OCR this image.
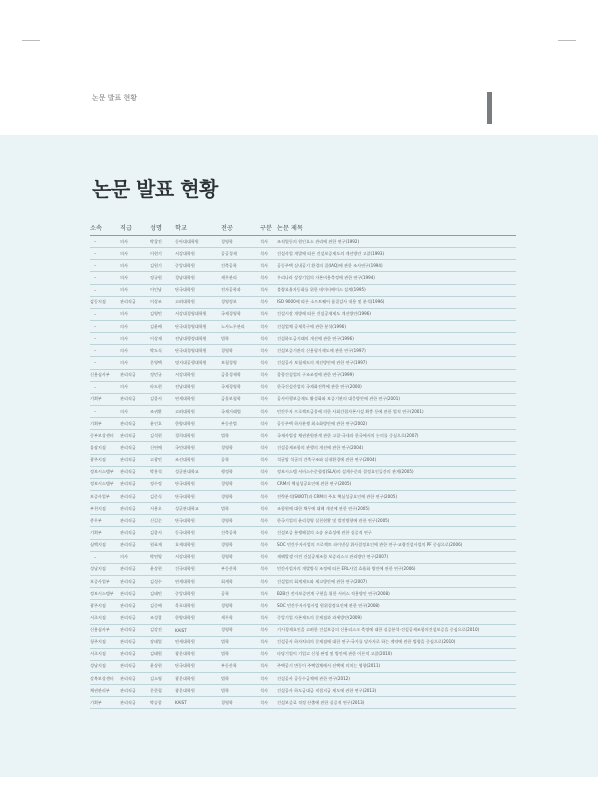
논문 발표 현황
논문 발표 현황
소속	직급	성명	학교	전공	구분	논문 제목
–	의사	박창진	동아대대학원	경영학	석사	조직열등의 원인요소 관리에 관한 연구(1992)
–	의사	이현기	서강대학원	공공경제	석사	건설사업 개발에 따른 건설보증제도의 개선방안 고찰(1993)
–	의사	김원기	중앙대학원	건축공학	석사	공동주택 실내공기 환경의 질(IAQ)에 관한 조사연구(1994)
–	의사	정규원	경남대학원	재무관리	석사	우리나라 상장기업의 자본비용측정에 관한 연구(1994)
–	의사	이인남	단국대학원	전자공학과	석사	불량요율자동화를 위한 데이터베이스 설계(1995)
감동지점	관리직급	이상조	고려대학원	경영정보	석사	ISO 9000에 따른 소프트웨어 품질감사 내용 및 분석(1996)
–	의사	김영민	서강대경영대학원	국제경영학	석사	건설시장 개방에 따른 건설공제제도 개선방안(1996)
–	의사	김윤배	단국대경영대학원	노사노무관리	석사	건설업체 공제목구에 관한 분석(1996)
–	의사	이상재	전남대행정대학원	법학	석사	건설하도급거래의 개선에 관한 연구(1996)
–	의사	박도식	단국대경영대학원	경영학	석사	건설보증기관의 신용평가제도에 관한 연구(1997)
–	의사	문영택	명지대공행대학원	보험경영	석사	건설공사 보험제도의 개선방안에 관한 연구(1997)
신용심사부	관리직급	정민규	서강대학원	금융경제학	석사	종합건설업의 구조조정에 관한 연구(1999)
–	의사	라도현	전남대학원	국제경영학	석사	한국건설산업의 국제화전략에 관한 연구(2000)
기획부	관리직급	김종서	연세대학원	금융보험학	석사	공사이행보증제도 활성화와 보증기관의 대응방안에 관한 연구(2001)
–	의사	조귀환	고려대학원	국제거래법	석사	민간투자 프로젝트금융에 의한 사회간접자본시설 확충 등에 관한 법적 연구(2001)
기획부	관리직급	윤인호	한양대학원	부동산법	석사	공동주택 하자분쟁 최소화방안에 관한 연구(2002)
중부보상센터	관리직급	김석현	경희대학원	법학	석사	국제사법상 채권관원관계 관한 고찰-국내과 한국에서의 논의를 중심으로(2007)
울잠지점	관리직급	신연배	국민대학원	경영학	석사	건설공제조합의 관행의 개선에 관한 연구(2004)
광주지점	관리직급	고광민	조선대학원	공학	석사	석굴암 석굴의 건축구조와 실내환경에 관한 연구(2004)
정보시스템부	관리직급	박홍석	성균관대학교	행정학	석사	정보시스템 서비스수준협정(SLA)의 설계수준과 결정요인들간의 관계(2005)
정보시스템부	관리직급	정수정	단국대학원	경영학	석사	CRM의 핵심성공요인에 관한 연구(2005)
보증사업부	관리직급	김준식	단국대학원	경영학	석사	전략분석(SWOT)과 CRM의 주요 핵심성공요인에 관한 연구(2005)
부천지점	관리직급	서용오	성균관대학교	법학	석사	조합원에 대한 채무에 대해 개선에 관한 연구(2005)
총무부	관리직급	신길순	단국대학원	경영학	석사	한국기업의 윤리경영 실천현황 및 발전방향에 관한 연구(2005)
기획부	관리직급	김종서	동국대학원	건축공학	석사	건설보증 분쟁해결의 소송 유효성에 관한 실증적 연구
심벡지점	관리직급	원표재	호세대학원	경영학	석사	SOC 민간투자사업의 프로젝트 파이낸싱 위사결정요인에 관한 연구-교량건설사업의 PF 중심으로(2006)
–	의사	박연영	서강대학원	경영학	석사	재해발생 이전 건설공제조합 보증리스크 관리방안 연구(2007)
성남지점	관리직급	윤상현	건국대학원	부동산학	석사	민간사업자의 개발방식 조정에 따른 ERL사업 효율화 방안에 관한 연구(2006)
보증사업부	관리직급	김성수	연세대학원	회계학	석사	건설업의 회계제도와 제고방안에 관한 연구(2007)
정보시스템부	관리직급	김태민	중앙대학원	공학	석사	B2B간 전자보증연계 구현을 위한 서비스 적용방안 연구(2008)
광주지점	관리직급	김중배	목포대학원	경영학	석사	SOC 민간투자사업사업 원위결정요인에 관한 연구(2008)
서초지점	관리직급	조성창	한양대학원	세무학	석사	중앙기업 자본제도의 문제점과 과세방안(2009)
신용심사부	관리직급	김강진	KAIST	경영학	석사	기시경제요인을 고려한 건설보증의 신용리스크 측정에 대한 실증분석-건설공제조합의건설보증을 중심으로(2010)
청주지점	관리직급	장태열	연세대학원	법학	석사	건설공사 하자처리의 문제점에 대한 연구-국가를 당사자로 하는 계약에 관한 법령을 중심으로(2010)
서초지점	관리직급	김태원	광운대학원	법학	석사	타당기업이 기업고 신청 판정 및 방안에 관한 이론적 고찰(2010)
성남지점	관리직급	윤상현	단국대학원	부동산학	석사	주택공기 변동이 주택업체에서 선택에 미치는 영향(2011)
강북보상센터	관리직급	김소영	광운대학원	법학	석사	건설공사 공동수급체에 관한 연구(2012)
채권관리부	관리직급	문한철	광운대학원	법학	석사	건설공사 하도급대금 직접지급 제도에 관한 연구(2013)
기획부	관리직급	박승종	KAIST	경영학	석사	건설보증료 적정 산출에 관한 실증적 연구(2013)
